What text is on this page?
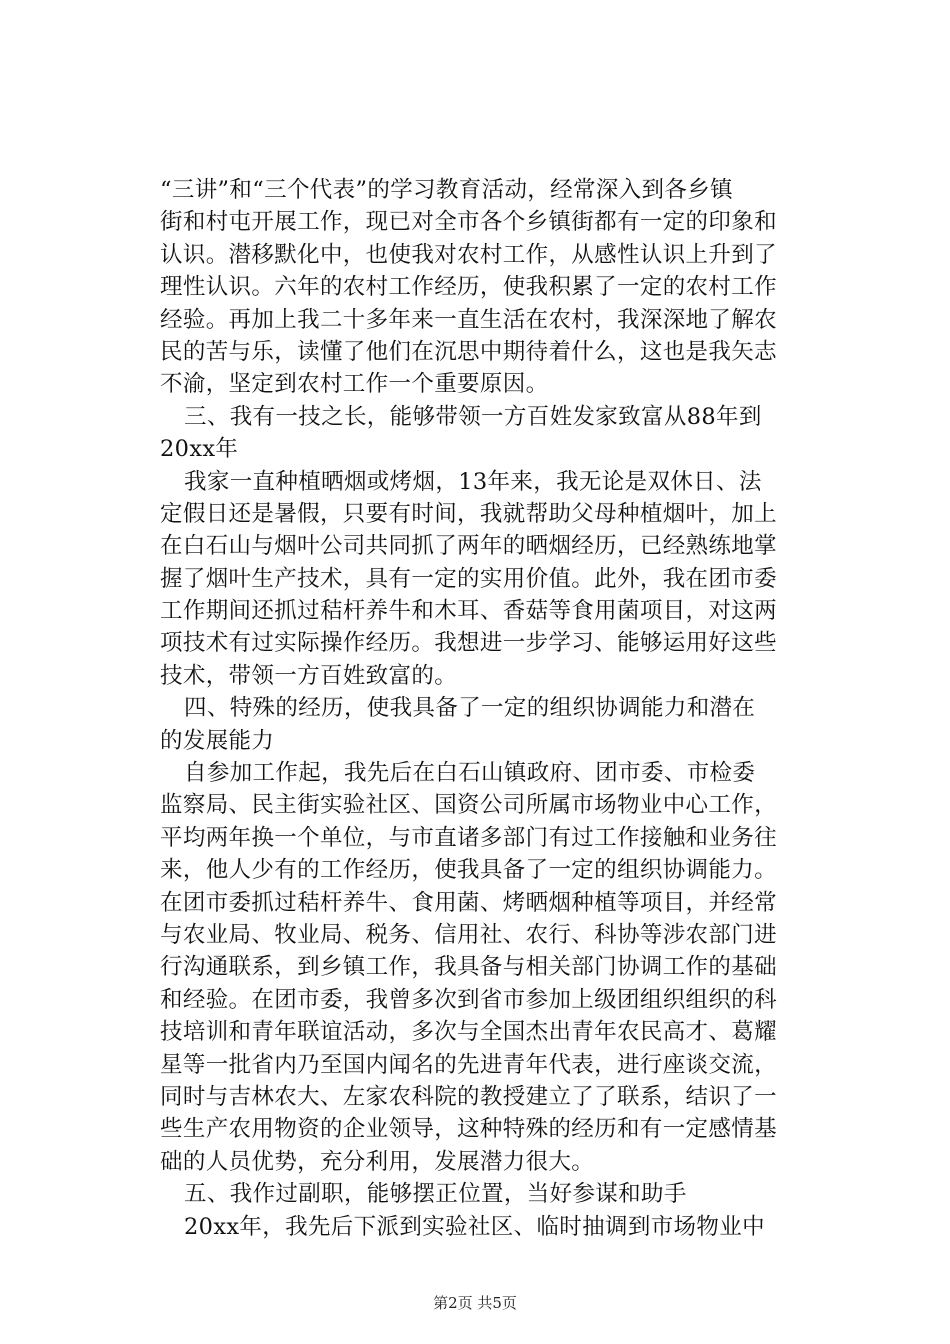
“三讲”和“三个代表”的学习教育活动，经常深入到各乡镇
街和村屯开展工作，现已对全市各个乡镇街都有一定的印象和
认识。潜移默化中，也使我对农村工作，从感性认识上升到了
理性认识。六年的农村工作经历，使我积累了一定的农村工作
经验。再加上我二十多年来一直生活在农村，我深深地了解农
民的苦与乐，读懂了他们在沉思中期待着什么，这也是我矢志
不渝，坚定到农村工作一个重要原因。
三、我有一技之长，能够带领一方百姓发家致富从88年到
20xx年
我家一直种植晒烟或烤烟，13年来，我无论是双休日、法
定假日还是暑假，只要有时间，我就帮助父母种植烟叶，加上
在白石山与烟叶公司共同抓了两年的晒烟经历，已经熟练地掌
握了烟叶生产技术，具有一定的实用价值。此外，我在团市委
工作期间还抓过秸杆养牛和木耳、香菇等食用菌项目，对这两
项技术有过实际操作经历。我想进一步学习、能够运用好这些
技术，带领一方百姓致富的。
四、特殊的经历，使我具备了一定的组织协调能力和潜在
的发展能力
自参加工作起，我先后在白石山镇政府、团市委、市检委
监察局、民主街实验社区、国资公司所属市场物业中心工作，
平均两年换一个单位，与市直诸多部门有过工作接触和业务往
来，他人少有的工作经历，使我具备了一定的组织协调能力。
在团市委抓过秸杆养牛、食用菌、烤晒烟种植等项目，并经常
与农业局、牧业局、税务、信用社、农行、科协等涉农部门进
行沟通联系，到乡镇工作，我具备与相关部门协调工作的基础
和经验。在团市委，我曾多次到省市参加上级团组织组织的科
技培训和青年联谊活动，多次与全国杰出青年农民高才、葛耀
星等一批省内乃至国内闻名的先进青年代表，进行座谈交流，
同时与吉林农大、左家农科院的教授建立了了联系，结识了一
些生产农用物资的企业领导，这种特殊的经历和有一定感情基
础的人员优势，充分利用，发展潜力很大。
五、我作过副职，能够摆正位置，当好参谋和助手
20xx年，我先后下派到实验社区、临时抽调到市场物业中
第2页 共5页
